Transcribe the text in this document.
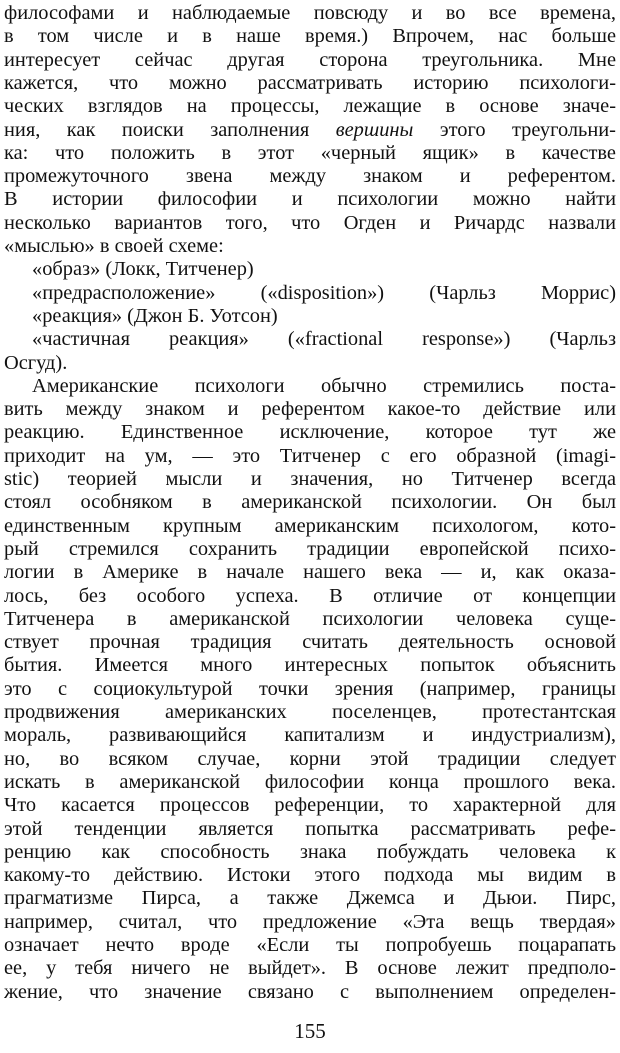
философами и наблюдаемые повсюду и во все времена,
в том числе и в наше время.) Впрочем, нас больше
интересует сейчас другая сторона треугольника. Мне
кажется, что можно рассматривать историю психологи-
ческих взглядов на процессы, лежащие в основе значе-
ния, как поиски заполнения вершины этого треугольни-
ка: что положить в этот «черный ящик» в качестве
промежуточного звена между знаком и референтом.
В истории философии и психологии можно найти
несколько вариантов того, что Огден и Ричардс назвали
«мыслью» в своей схеме:
«образ» (Локк, Титченер)
«предрасположение» («disposition») (Чарльз Моррис)
«реакция» (Джон Б. Уотсон)
«частичная реакция» («fractional response») (Чарльз
Осгуд).
Американские психологи обычно стремились поста-
вить между знаком и референтом какое-то действие или
реакцию. Единственное исключение, которое тут же
приходит на ум, — это Титченер с его образной (imagi-
stic) теорией мысли и значения, но Титченер всегда
стоял особняком в американской психологии. Он был
единственным крупным американским психологом, кото-
рый стремился сохранить традиции европейской психо-
логии в Америке в начале нашего века — и, как оказа-
лось, без особого успеха. В отличие от концепции
Титченера в американской психологии человека суще-
ствует прочная традиция считать деятельность основой
бытия. Имеется много интересных попыток объяснить
это с социокультурой точки зрения (например, границы
продвижения американских поселенцев, протестантская
мораль, развивающийся капитализм и индустриализм),
но, во всяком случае, корни этой традиции следует
искать в американской философии конца прошлого века.
Что касается процессов референции, то характерной для
этой тенденции является попытка рассматривать рефе-
ренцию как способность знака побуждать человека к
какому-то действию. Истоки этого подхода мы видим в
прагматизме Пирса, а также Джемса и Дьюи. Пирс,
например, считал, что предложение «Эта вещь твердая»
означает нечто вроде «Если ты попробуешь поцарапать
ее, у тебя ничего не выйдет». В основе лежит предполо-
жение, что значение связано с выполнением определен-
155
